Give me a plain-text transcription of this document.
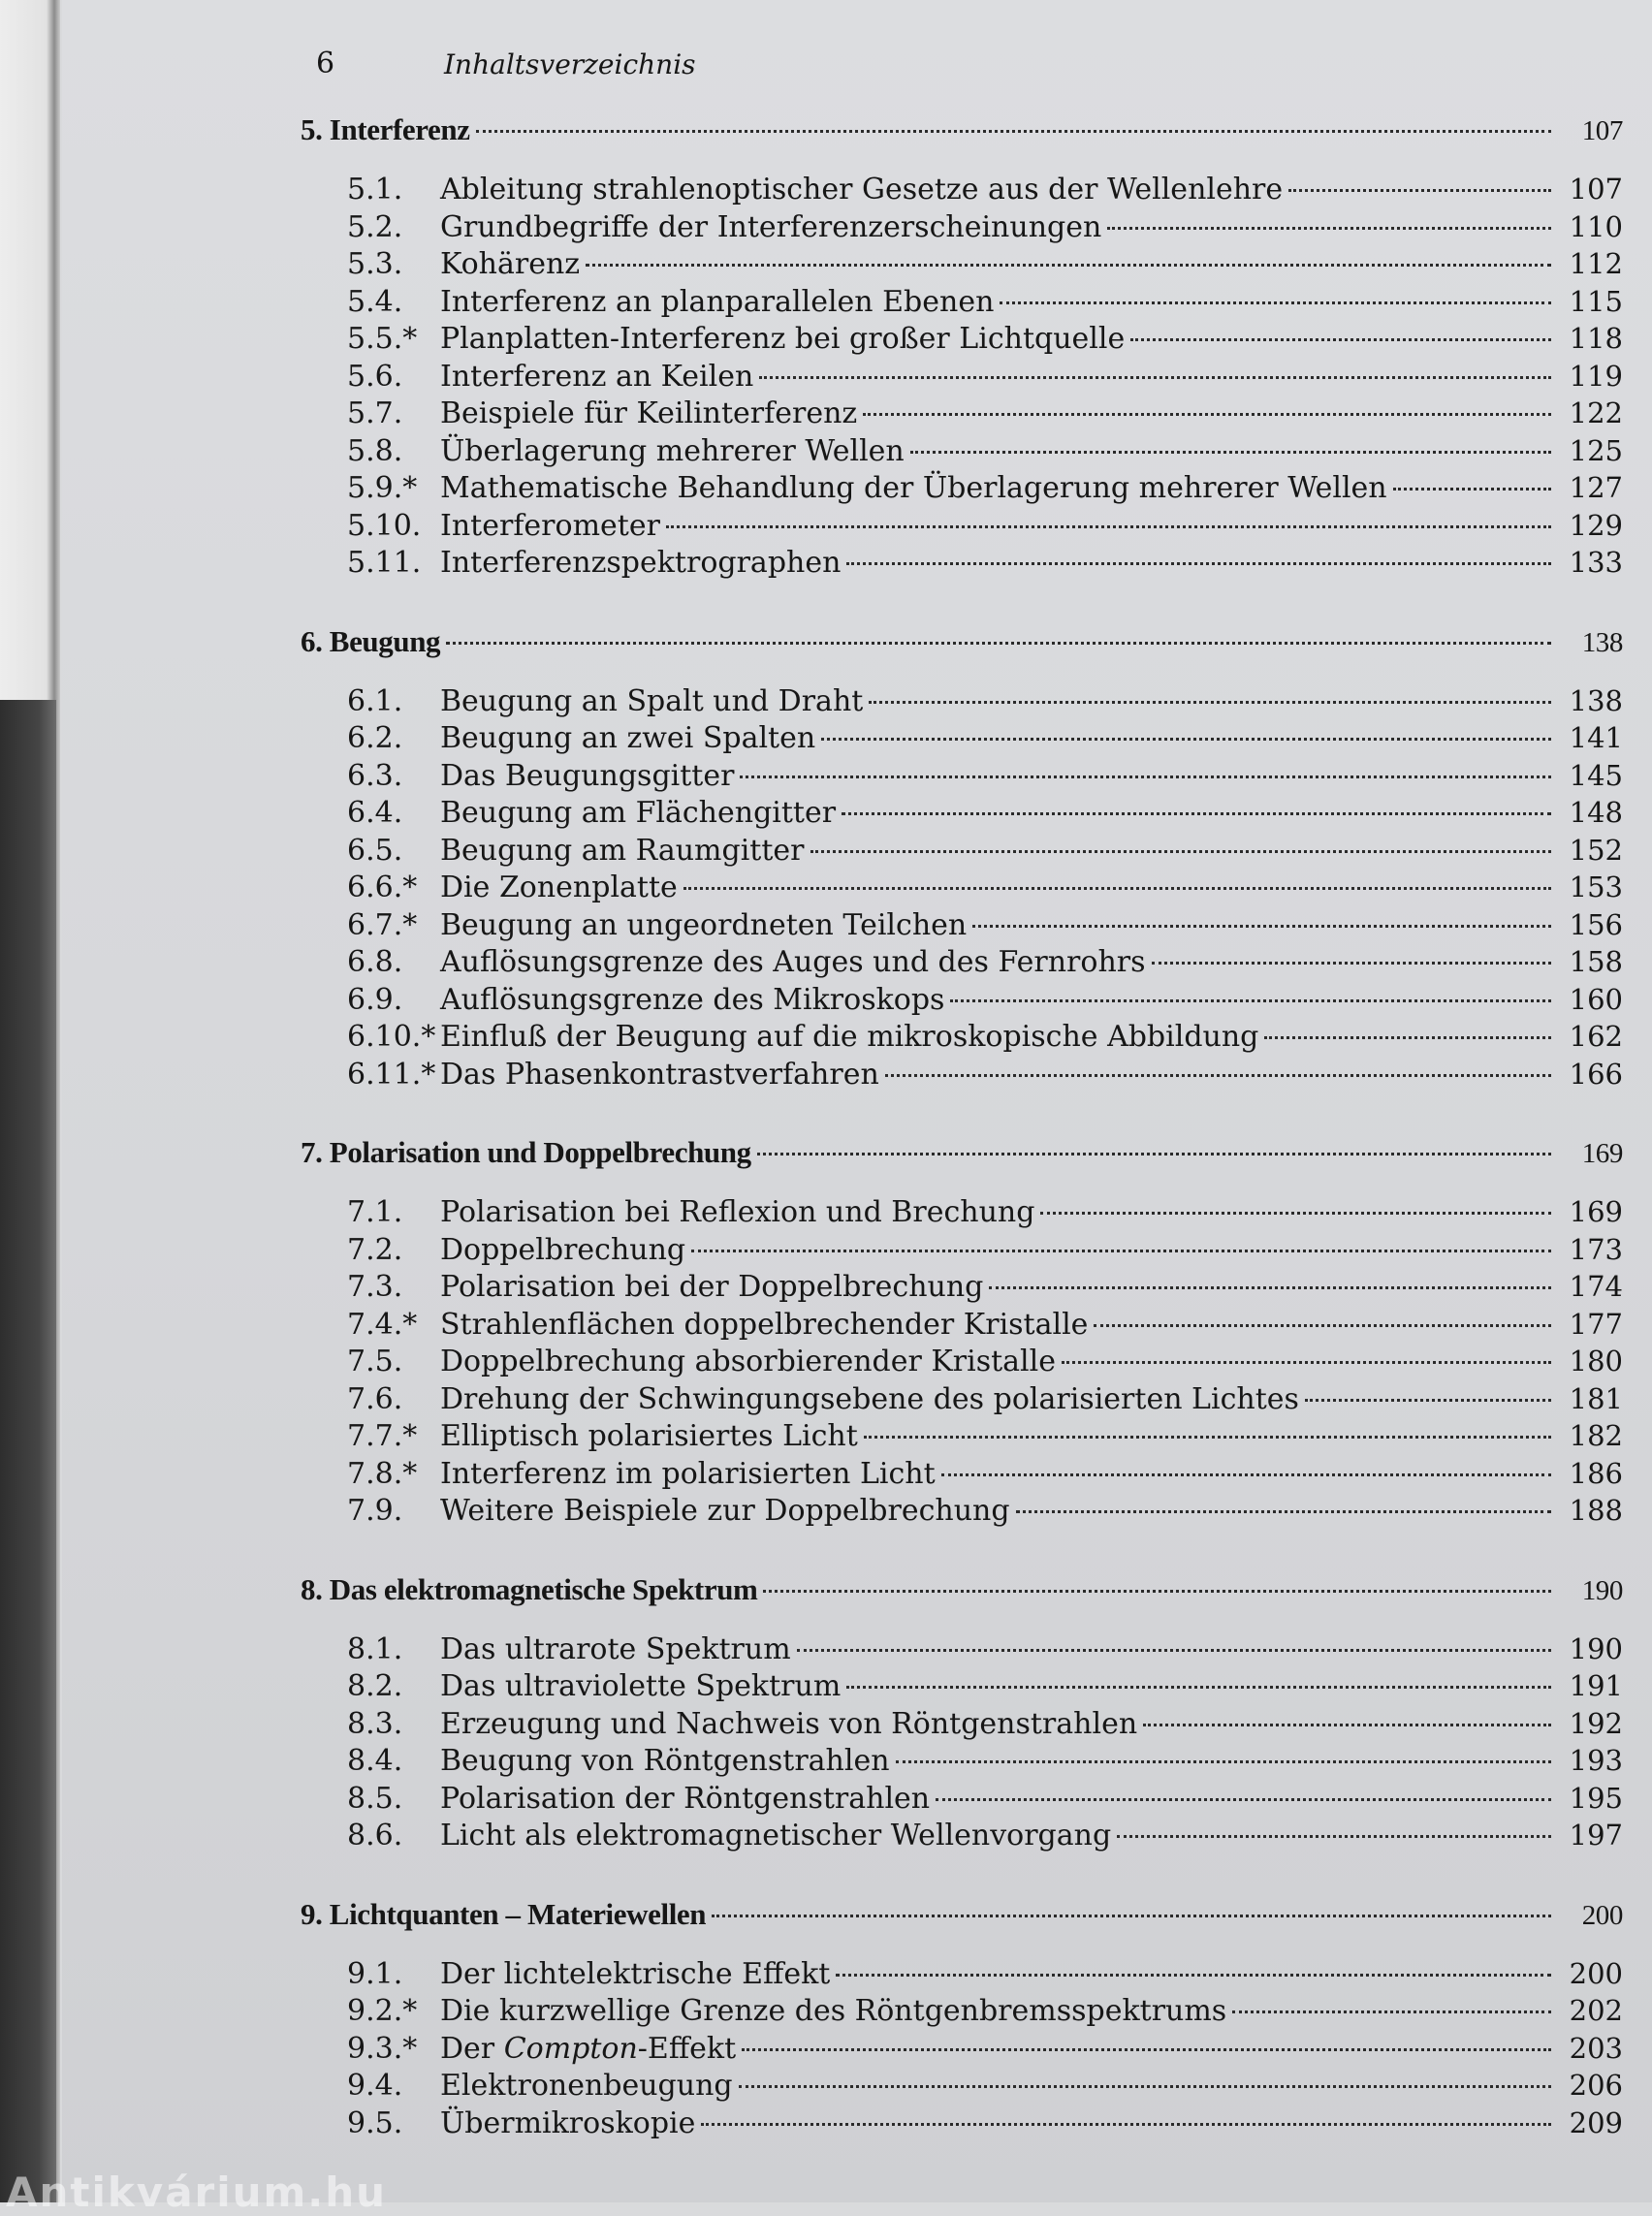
6	Inhaltsverzeichnis
5. Interferenz	107
5.1.	Ableitung strahlenoptischer Gesetze aus der Wellenlehre	107
5.2.	Grundbegriffe der Interferenzerscheinungen	110
5.3.	Kohärenz	112
5.4.	Interferenz an planparallelen Ebenen	115
5.5.* Planplatten-Interferenz bei großer Lichtquelle	118
5.6.	Interferenz an Keilen	119
5.7.	Beispiele für Keilinterferenz	122
5.8.	Überlagerung mehrerer Wellen	125
5.9.* Mathematische Behandlung der Überlagerung mehrerer Wellen	127
5.10. Interferometer	129
5.11. Interferenzspektrographen	133
6. Beugung	138
6.1.	Beugung an Spalt und Draht	138
6.2.	Beugung an zwei Spalten	141
6.3.	Das Beugungsgitter	145
6.4.	Beugung am Flächengitter	148
6.5.	Beugung am Raumgitter	152
6.6.* Die Zonenplatte	153
6.7.* Beugung an ungeordneten Teilchen	156
6.8.	Auflösungsgrenze des Auges und des Fernrohrs	158
6.9.	Auflösungsgrenze des Mikroskops	160
6.10.* Einfluß der Beugung auf die mikroskopische Abbildung	162
6.11.* Das Phasenkontrastverfahren	166
7. Polarisation und Doppelbrechung	169
7.1.	Polarisation bei Reflexion und Brechung	169
7.2.	Doppelbrechung	173
7.3.	Polarisation bei der Doppelbrechung	174
7.4.* Strahlenflächen doppelbrechender Kristalle	177
7.5.	Doppelbrechung absorbierender Kristalle	180
7.6.	Drehung der Schwingungsebene des polarisierten Lichtes	181
7.7.* Elliptisch polarisiertes Licht	182
7.8.* Interferenz im polarisierten Licht	186
7.9.	Weitere Beispiele zur Doppelbrechung	188
8. Das elektromagnetische Spektrum	190
8.1.	Das ultrarote Spektrum	190
8.2.	Das ultraviolette Spektrum	191
8.3.	Erzeugung und Nachweis von Röntgenstrahlen	192
8.4.	Beugung von Röntgenstrahlen	193
8.5.	Polarisation der Röntgenstrahlen	195
8.6.	Licht als elektromagnetischer Wellenvorgang	197
9. Lichtquanten – Materiewellen	200
9.1.	Der lichtelektrische Effekt	200
9.2.* Die kurzwellige Grenze des Röntgenbremsspektrums	202
9.3.* Der Compton-Effekt	203
9.4.	Elektronenbeugung	206
9.5.	Übermikroskopie	209
Antikvárium.hu
